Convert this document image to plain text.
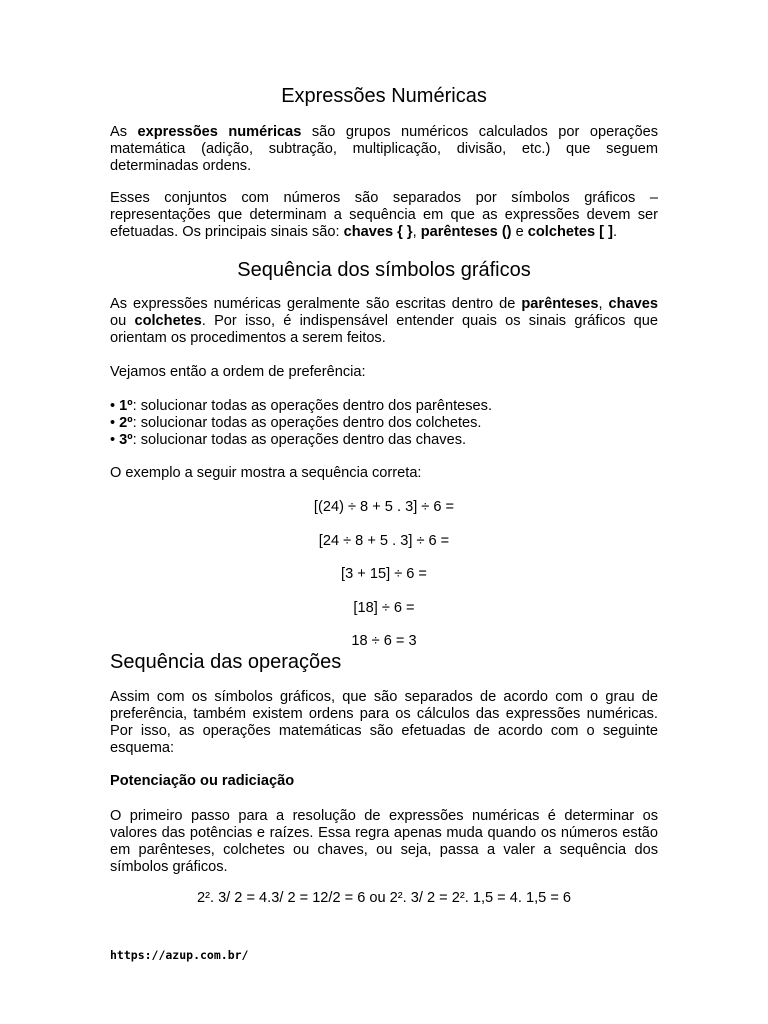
Expressões Numéricas

As expressões numéricas são grupos numéricos calculados por operações matemática (adição, subtração, multiplicação, divisão, etc.) que seguem determinadas ordens.

Esses conjuntos com números são separados por símbolos gráficos – representações que determinam a sequência em que as expressões devem ser efetuadas. Os principais sinais são: chaves { }, parênteses () e colchetes [ ].

Sequência dos símbolos gráficos

As expressões numéricas geralmente são escritas dentro de parênteses, chaves ou colchetes. Por isso, é indispensável entender quais os sinais gráficos que orientam os procedimentos a serem feitos.

Vejamos então a ordem de preferência:
• 1º: solucionar todas as operações dentro dos parênteses.
• 2º: solucionar todas as operações dentro dos colchetes.
• 3º: solucionar todas as operações dentro das chaves.
O exemplo a seguir mostra a sequência correta:
[(24) ÷ 8 + 5 . 3] ÷ 6 =
[24 ÷ 8 + 5 . 3] ÷ 6 =
[3 + 15] ÷ 6 =
[18] ÷ 6 =
18 ÷ 6 = 3
Sequência das operações

Assim com os símbolos gráficos, que são separados de acordo com o grau de preferência, também existem ordens para os cálculos das expressões numéricas. Por isso, as operações matemáticas são efetuadas de acordo com o seguinte esquema:

Potenciação ou radiciação

O primeiro passo para a resolução de expressões numéricas é determinar os valores das potências e raízes. Essa regra apenas muda quando os números estão em parênteses, colchetes ou chaves, ou seja, passa a valer a sequência dos símbolos gráficos.

2². 3/ 2 = 4.3/ 2 = 12/2 = 6 ou 2². 3/ 2 = 2². 1,5 = 4. 1,5 = 6
https://azup.com.br/
